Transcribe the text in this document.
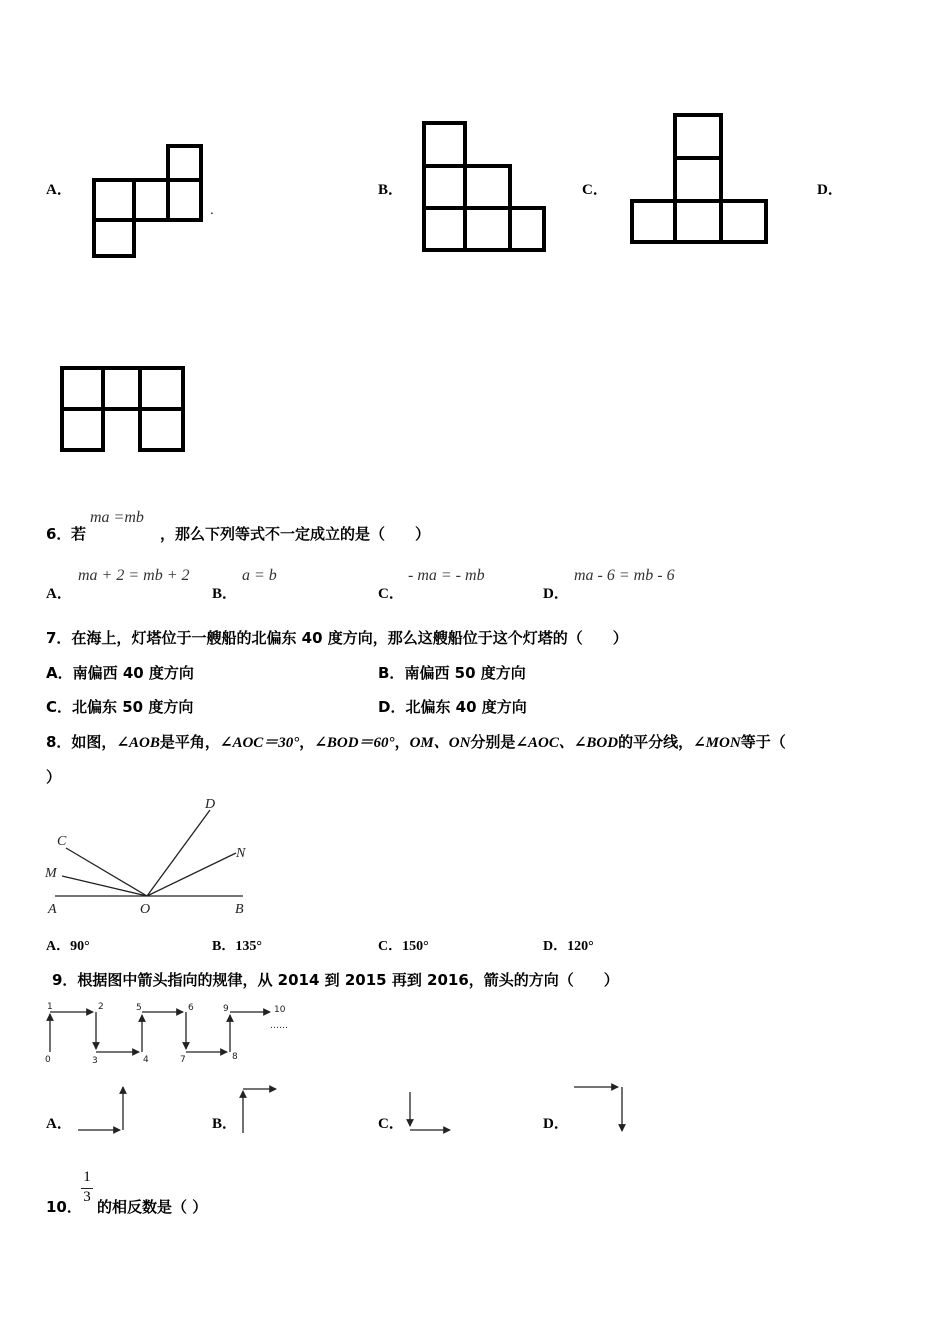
A．
.
B．	C．	D．
6． 若
ma =mb
，那么下列等式不一定成立的是（　　）
A．
ma + 2 = mb + 2
B．
a = b
C．
- ma = - mb
D．
ma - 6 = mb - 6
7．在海上，灯塔位于一艘船的北偏东 40 度方向，那么这艘船位于这个灯塔的（　　）
A．南偏西 40 度方向	B．南偏西 50 度方向
C．北偏东 50 度方向	D．北偏东 40 度方向
8．如图，∠AOB是平角，∠AOC＝30°，∠BOD＝60°，OM、ON分别是∠AOC、∠BOD的平分线，∠MON等于（
）
A	O	B
C
M
D
N
A．90°	B．135°	C．150°	D．120°
9．根据图中箭头指向的规律，从 2014 到 2015 再到 2016，箭头的方向（　　）
0
1	2
3	4
5	6
7	8
9	10
……
A．	B．	C．	D．
10．
1
3
的相反数是（ ）
